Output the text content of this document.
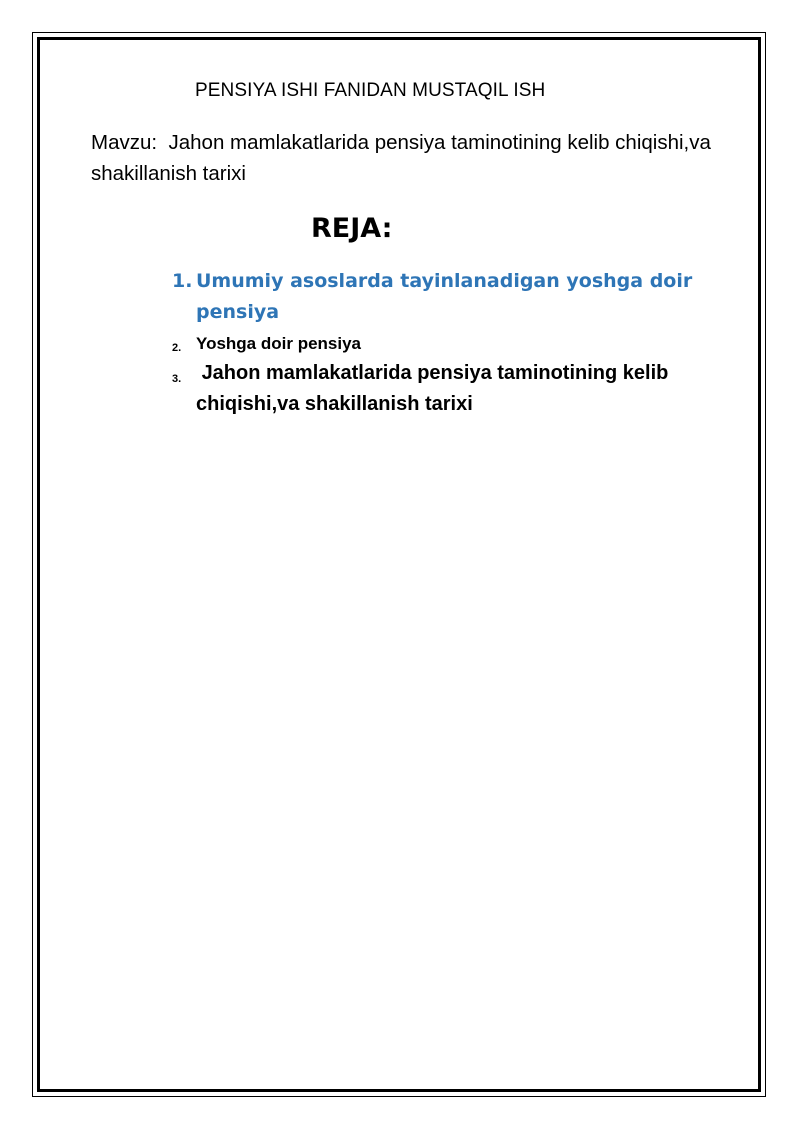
PENSIYA ISHI FANIDAN MUSTAQIL ISH
Mavzu: Jahon mamlakatlarida pensiya taminotining kelib chiqishi,va shakillanish tarixi
REJA:
1. Umumiy asoslarda tayinlanadigan yoshga doir pensiya
2. Yoshga doir pensiya
3. Jahon mamlakatlarida pensiya taminotining kelib chiqishi,va shakillanish tarixi
